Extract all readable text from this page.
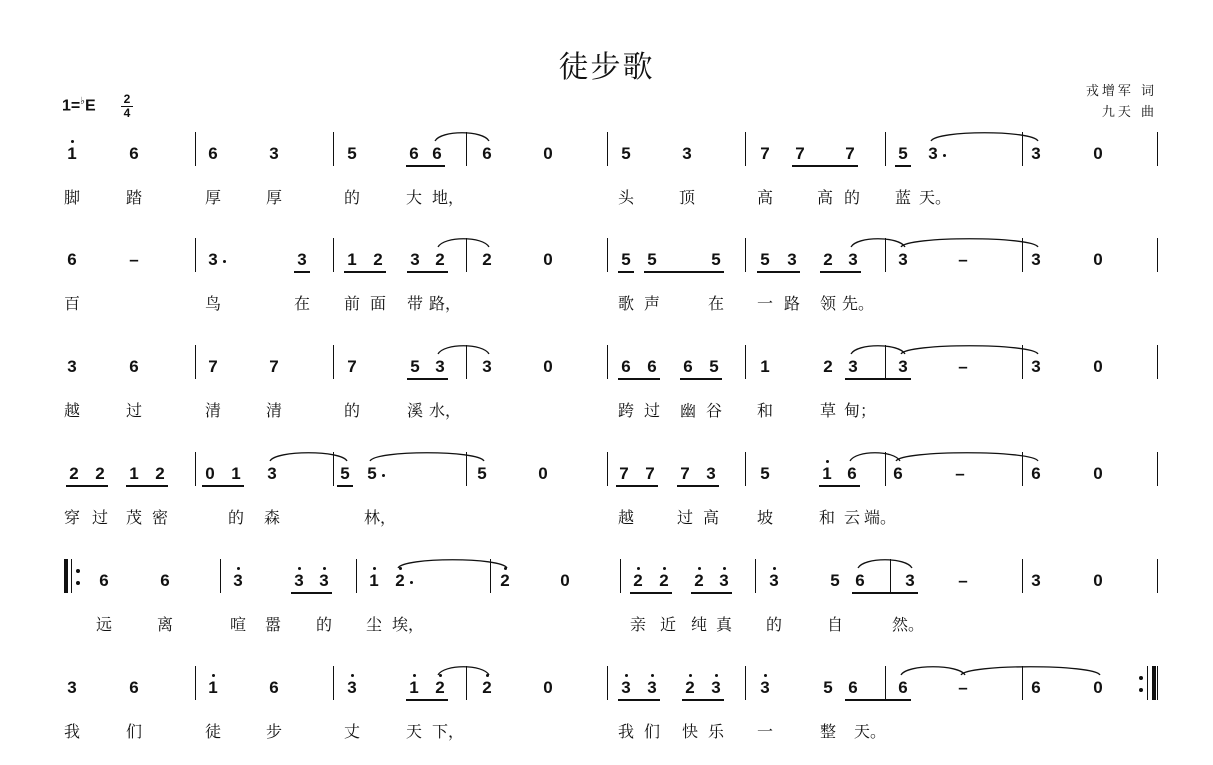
徒步歌
戎增军 词
九天 曲
1=♭E	2
4
1	6	6	3	5	6 6 6	0	5	3	7 7 7	5 3	3	0
脚	踏	厚	厚	的	大 地，	头	顶	高	高 的 蓝 天。
6	–	3	3 1 2 3 2 2	0	5 5	5 5 3 2 3 3	–	3	0
百	鸟	在 前 面 带 路，	歌 声	在 一 路 领 先。
3	6	7	7	7	5 3 3	0	6 6 6 5 1	2 3 3	–	3	0
越	过	清	清	的	溪 水，	跨 过 幽 谷 和	草 甸；
2 2 1 2 0 1 3	5 5	5	0	7 7 7 3	5	1 6 6	–	6	0
穿 过 茂 密	的 森	林，	越	过 高 坡	和 云 端。
6	6	3	3 3 1 2	2	0	2 2 2 3 3	5 6 3	–	3	0
远	离	喧 嚣 的 尘 埃，	亲 近 纯 真 的	自	然。
3	6	1	6	3	1 2 2	0	3 3 2 3 3	5 6 6	–	6	0
我	们	徒	步	丈	天 下，	我 们 快 乐 一	整 天。
